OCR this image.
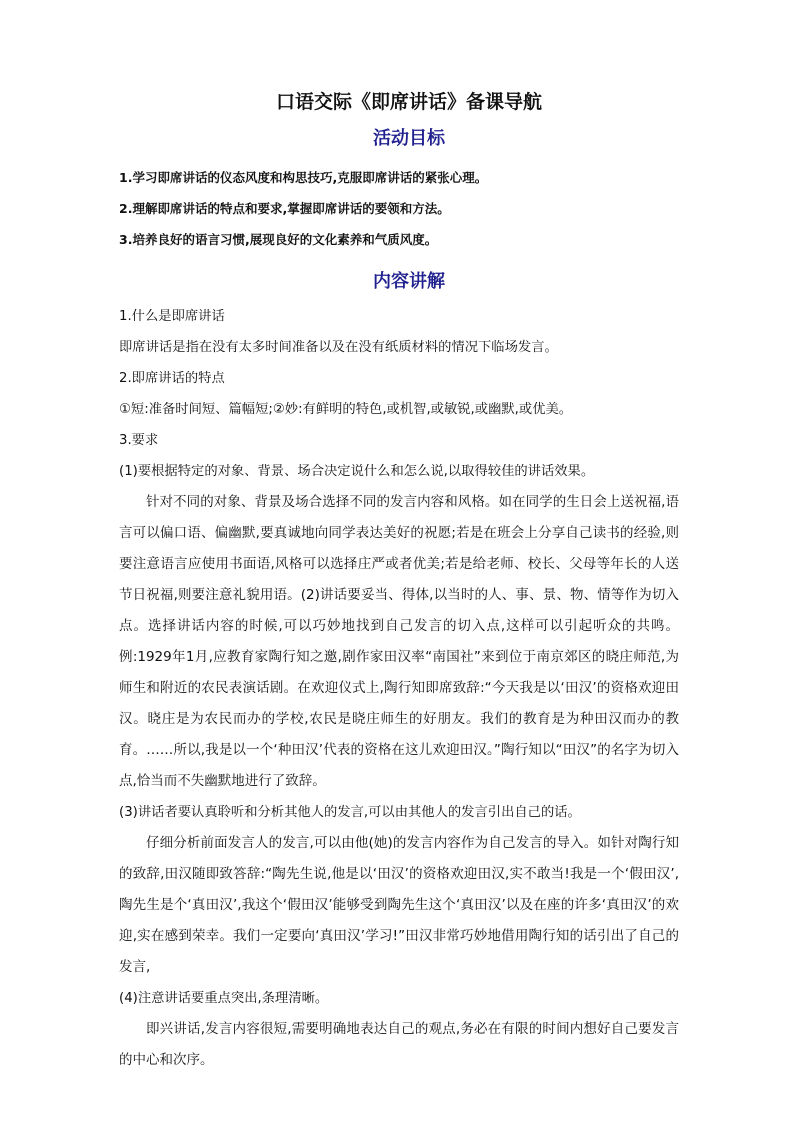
口语交际《即席讲话》备课导航
活动目标
1.学习即席讲话的仪态风度和构思技巧,克服即席讲话的紧张心理。
2.理解即席讲话的特点和要求,掌握即席讲话的要领和方法。
3.培养良好的语言习惯,展现良好的文化素养和气质风度。
内容讲解
1.什么是即席讲话
即席讲话是指在没有太多时间准备以及在没有纸质材料的情况下临场发言。
2.即席讲话的特点
①短:准备时间短、篇幅短;②妙:有鲜明的特色,或机智,或敏锐,或幽默,或优美。
3.要求
(1)要根据特定的对象、背景、场合决定说什么和怎么说,以取得较佳的讲话效果。

针对不同的对象、背景及场合选择不同的发言内容和风格。如在同学的生日会上送祝福,语言可以偏口语、偏幽默,要真诚地向同学表达美好的祝愿;若是在班会上分享自己读书的经验,则要注意语言应使用书面语,风格可以选择庄严或者优美;若是给老师、校长、父母等年长的人送节日祝福,则要注意礼貌用语。(2)讲话要妥当、得体,以当时的人、事、景、物、情等作为切入点。选择讲话内容的时候,可以巧妙地找到自己发言的切入点,这样可以引起听众的共鸣。例:1929年1月,应教育家陶行知之邀,剧作家田汉率“南国社”来到位于南京郊区的晓庄师范,为师生和附近的农民表演话剧。在欢迎仪式上,陶行知即席致辞:“今天我是以‘田汉’的资格欢迎田汉。晓庄是为农民而办的学校,农民是晓庄师生的好朋友。我们的教育是为种田汉而办的教育。……所以,我是以一个‘种田汉’代表的资格在这儿欢迎田汉。”陶行知以“田汉”的名字为切入点,恰当而不失幽默地进行了致辞。

(3)讲话者要认真聆听和分析其他人的发言,可以由其他人的发言引出自己的话。

仔细分析前面发言人的发言,可以由他(她)的发言内容作为自己发言的导入。如针对陶行知的致辞,田汉随即致答辞:“陶先生说,他是以‘田汉’的资格欢迎田汉,实不敢当!我是一个‘假田汉’,陶先生是个‘真田汉’,我这个‘假田汉’能够受到陶先生这个‘真田汉’以及在座的许多‘真田汉’的欢迎,实在感到荣幸。我们一定要向‘真田汉’学习!”田汉非常巧妙地借用陶行知的话引出了自己的发言,

(4)注意讲话要重点突出,条理清晰。

即兴讲话,发言内容很短,需要明确地表达自己的观点,务必在有限的时间内想好自己要发言的中心和次序。
